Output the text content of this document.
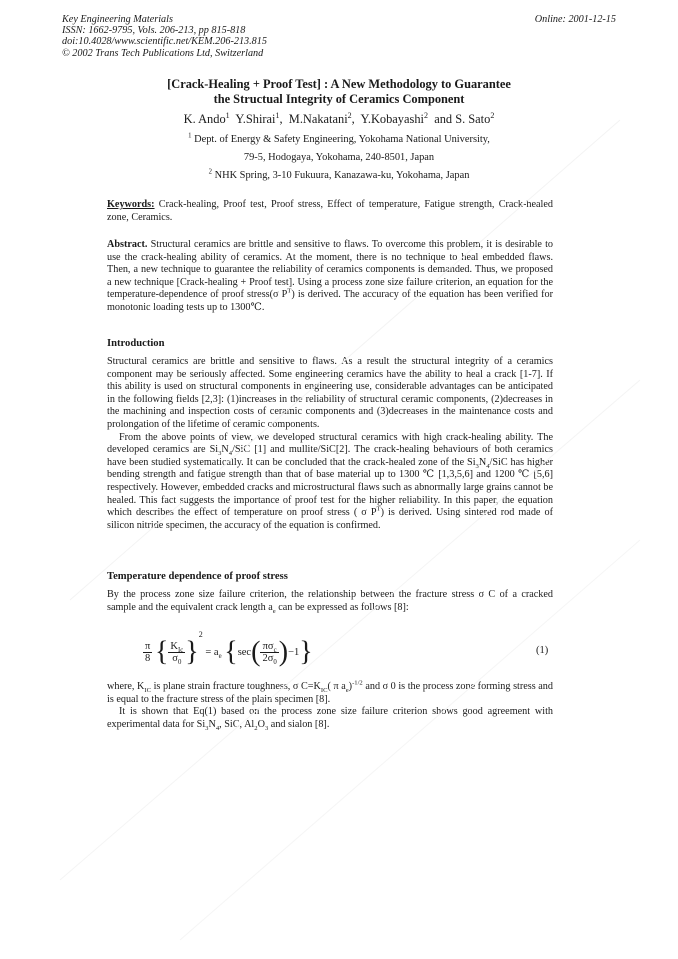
Key Engineering Materials
ISSN: 1662-9795, Vols. 206-213, pp 815-818
doi:10.4028/www.scientific.net/KEM.206-213.815
© 2002 Trans Tech Publications Ltd, Switzerland
Online: 2001-12-15
[Crack-Healing + Proof Test] : A New Methodology to Guarantee
the Structual Integrity of Ceramics Component
K. Ando$^1$ Y.Shirai$^1$,  M.Nakatani$^2$,  Y.Kobayashi$^2$ and S. Sato$^2$
$^1$ Dept. of Energy & Safety Engineering, Yokohama National University,
79-5, Hodogaya, Yokohama, 240-8501, Japan
$^2$ NHK Spring, 3-10 Fukuura, Kanazawa-ku, Yokohama, Japan

Keywords: Crack-healing, Proof test, Proof stress, Effect of temperature, Fatigue strength, Crack-healed zone, Ceramics.

Abstract. Structural ceramics are brittle and sensitive to flaws. To overcome this problem, it is desirable to use the crack-healing ability of ceramics. At the moment, there is no technique to heal embedded flaws. Then, a new technique to guarantee the reliability of ceramics components is demanded. Thus, we proposed a new technique [Crack-healing + Proof test]. Using a process zone size failure criterion, an equation for the temperature-dependence of proof stress(σ $P^T$) is derived. The accuracy of the equation has been verified for monotonic loading tests up to 1300℃.

Introduction

Structural ceramics are brittle and sensitive to flaws. As a result the structural integrity of a ceramics component may be seriously affected. Some engineering ceramics have the ability to heal a crack [1-7]. If this ability is used on structural components in engineering use, considerable advantages can be anticipated in the following fields [2,3]: (1)increases in the reliability of structural ceramic components, (2)decreases in the machining and inspection costs of ceramic components and (3)decreases in the maintenance costs and prolongation of the lifetime of ceramic components.

From the above points of view, we developed structural ceramics with high crack-healing ability. The developed ceramics are $Si_3N_4$/SiC [1] and mullite/SiC[2]. The crack-healing behaviours of both ceramics have been studied systematically. It can be concluded that the crack-healed zone of the $Si_3N_4$/SiC has higher bending strength and fatigue strength than that of base material up to 1300 ℃ [1,3,5,6] and 1200 ℃ [5,6] respectively. However, embedded cracks and microstructural flaws such as abnormally large grains cannot be healed. This fact suggests the importance of proof test for the higher reliability. In this paper, the equation which describes the effect of temperature on proof stress ( σ $P^T$) is derived. Using sintered rod made of silicon nitride specimen, the accuracy of the equation is confirmed.

Temperature dependence of proof stress

By the process zone size failure criterion, the relationship between the fracture stress σ C of a cracked sample and the equivalent crack length $a_e$ can be expressed as follows [8]:

$\frac{\pi}{8}$ { $\frac{K_{Ic}}{\sigma_0} \}^2 = a_e$ $\{\sec( \frac{\pi\sigma_c}{2\sigma_0} )-1\}$	(1)

where, $K_{IC}$ is plane strain fracture toughness, σ $C=K_{IC}$( π $a_e)^{-1/2}$ and σ 0 is the process zone forming stress and is equal to the fracture stress of the plain specimen [8].

It is shown that Eq(1) based on the process zone size failure criterion shows good agreement with experimental data for $Si_3N_4$, SiC, $Al_2O_3$ and sialon [8].
